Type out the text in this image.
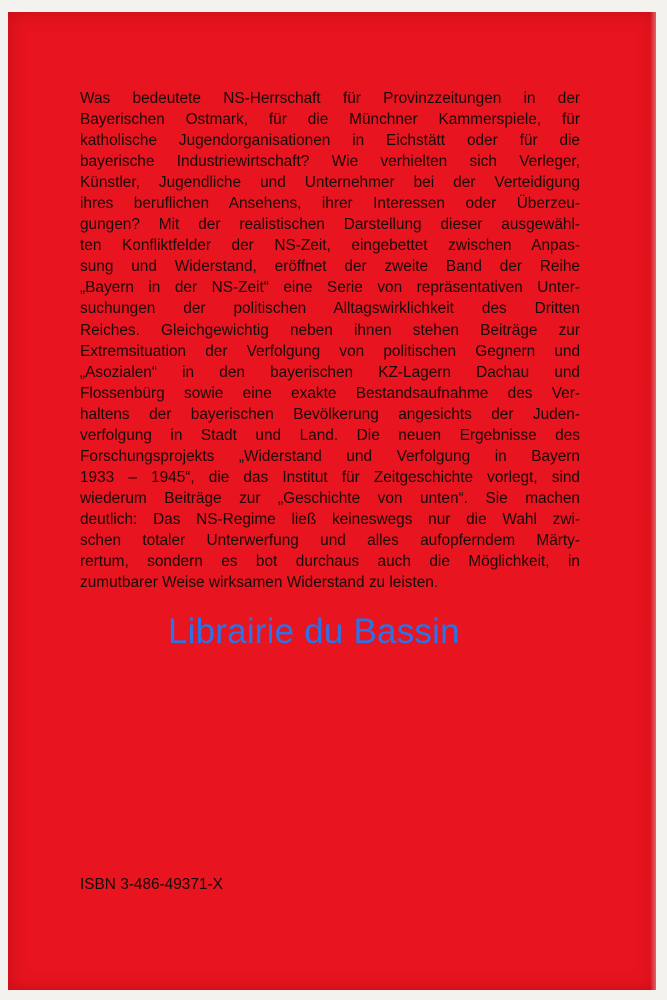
Was bedeutete NS-Herrschaft für Provinzzeitungen in der
Bayerischen Ostmark, für die Münchner Kammerspiele, für
katholische Jugendorganisationen in Eichstätt oder für die
bayerische Industriewirtschaft? Wie verhielten sich Verleger,
Künstler, Jugendliche und Unternehmer bei der Verteidigung
ihres beruflichen Ansehens, ihrer Interessen oder Überzeu-
gungen? Mit der realistischen Darstellung dieser ausgewähl-
ten Konfliktfelder der NS-Zeit, eingebettet zwischen Anpas-
sung und Widerstand, eröffnet der zweite Band der Reihe
„Bayern in der NS-Zeit“ eine Serie von repräsentativen Unter-
suchungen der politischen Alltagswirklichkeit des Dritten
Reiches. Gleichgewichtig neben ihnen stehen Beiträge zur
Extremsituation der Verfolgung von politischen Gegnern und
„Asozialen“ in den bayerischen KZ-Lagern Dachau und
Flossenbürg sowie eine exakte Bestandsaufnahme des Ver-
haltens der bayerischen Bevölkerung angesichts der Juden-
verfolgung in Stadt und Land. Die neuen Ergebnisse des
Forschungsprojekts „Widerstand und Verfolgung in Bayern
1933 – 1945“, die das Institut für Zeitgeschichte vorlegt, sind
wiederum Beiträge zur „Geschichte von unten“. Sie machen
deutlich: Das NS-Regime ließ keineswegs nur die Wahl zwi-
schen totaler Unterwerfung und alles aufopferndem Märty-
rertum, sondern es bot durchaus auch die Möglichkeit, in
zumutbarer Weise wirksamen Widerstand zu leisten.
Librairie du Bassin
ISBN 3-486-49371-X
